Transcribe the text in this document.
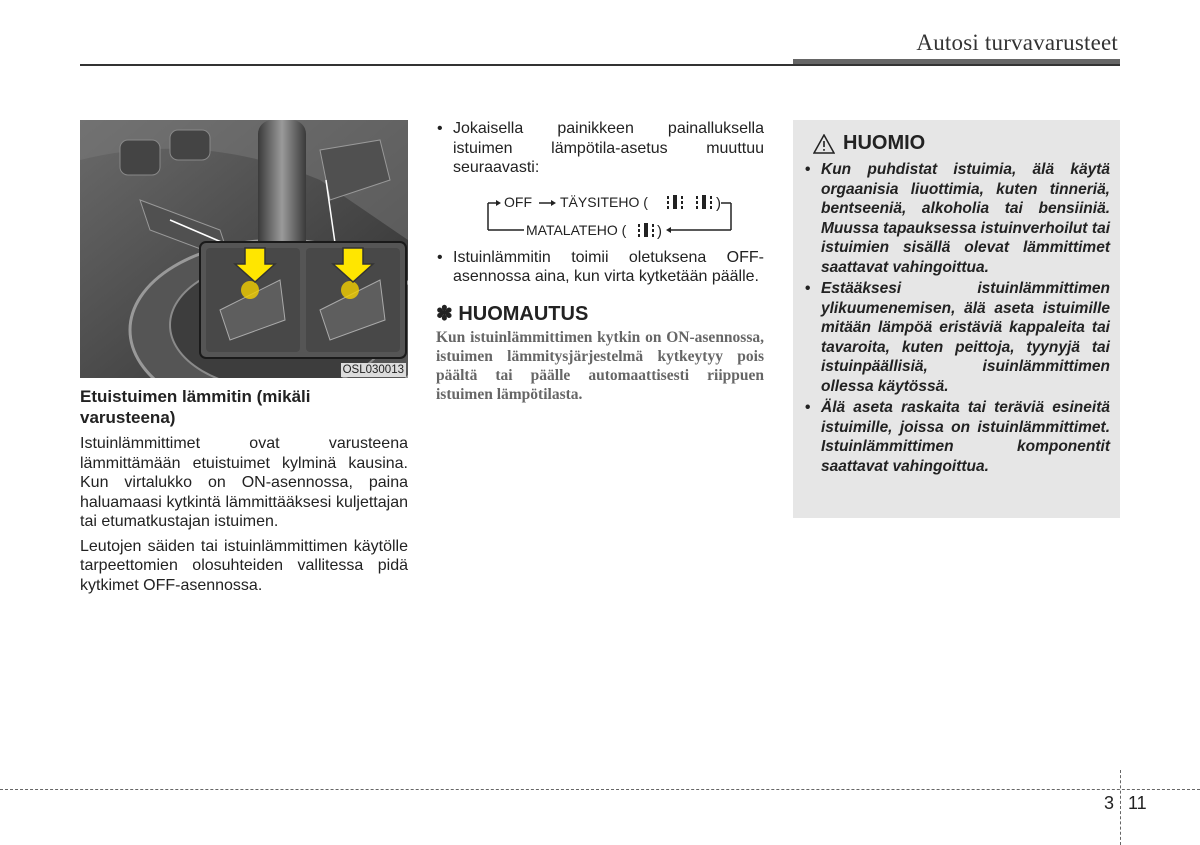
Autosi turvavarusteet
OSL030013
Etuistuimen lämmitin (mikäli varusteena)

Istuinlämmittimet ovat varusteena lämmittämään etuistuimet kylminä kausina. Kun virtalukko on ON-asennossa, paina haluamaasi kytkintä lämmittääksesi kuljettajan tai etumatkustajan istuimen.

Leutojen säiden tai istuinlämmittimen käytölle tarpeettomien olosuhteiden vallitessa pidä kytkimet OFF-asennossa.

• Jokaisella painikkeen painalluksella istuimen lämpötila-asetus muuttuu seuraavasti:
)
)
OFF TÄYSITEHO (
MATALATEHO (
• Istuinlämmitin toimii oletuksena OFF-asennossa aina, kun virta kytketään päälle.
✽ HUOMAUTUS
Kun istuinlämmittimen kytkin on ON-asennossa, istuimen lämmitysjärjestelmä kytkeytyy pois päältä tai päälle automaattisesti riippuen istuimen lämpötilasta.
HUOMIO
• Kun puhdistat istuimia, älä käytä orgaanisia liuottimia, kuten tinneriä, bentseeniä, alkoholia tai bensiiniä. Muussa tapauksessa istuinverhoilut tai istuimien sisällä olevat lämmittimet saattavat vahingoittua.
• Estääksesi istuinlämmittimen ylikuumenemisen, älä aseta istuimille mitään lämpöä eristäviä kappaleita tai tavaroita, kuten peittoja, tyynyjä tai istuinpäällisiä, isuinlämmittimen ollessa käytössä.
• Älä aseta raskaita tai teräviä esineitä istuimille, joissa on istuinlämmittimet. Istuinlämmittimen komponentit saattavat vahingoittua.
3 11
